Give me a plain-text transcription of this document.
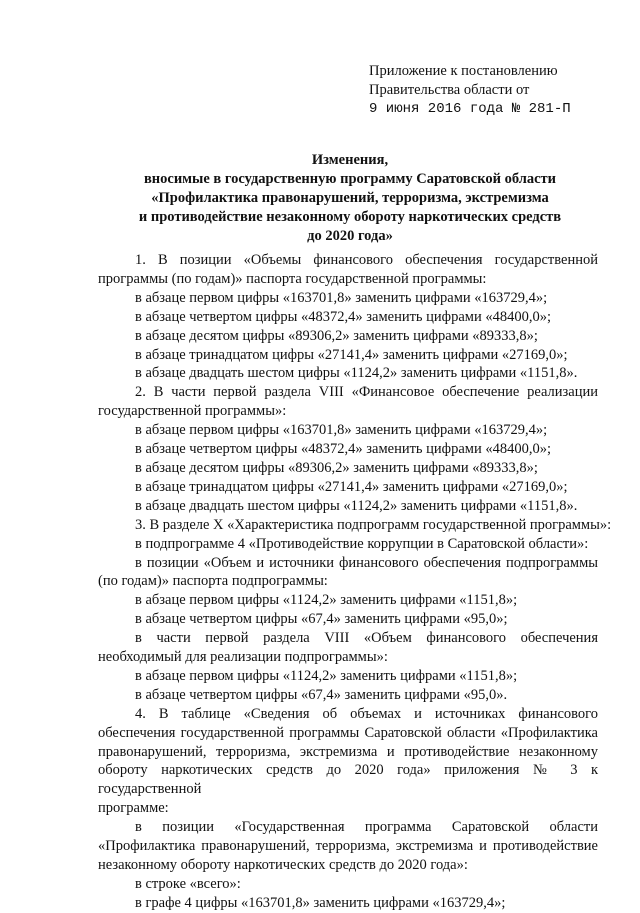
Приложение к постановлению
Правительства области от
9 июня 2016 года № 281-П
Изменения,
вносимые в государственную программу Саратовской области
«Профилактика правонарушений, терроризма, экстремизма
и противодействие незаконному обороту наркотических средств
до 2020 года»
1. В позиции «Объемы финансового обеспечения государственной
программы (по годам)» паспорта государственной программы:
в абзаце первом цифры «163701,8» заменить цифрами «163729,4»;
в абзаце четвертом цифры «48372,4» заменить цифрами «48400,0»;
в абзаце десятом цифры «89306,2» заменить цифрами «89333,8»;
в абзаце тринадцатом цифры «27141,4» заменить цифрами «27169,0»;
в абзаце двадцать шестом цифры «1124,2» заменить цифрами «1151,8».
2. В части первой раздела VIII «Финансовое обеспечение реализации
государственной программы»:
в абзаце первом цифры «163701,8» заменить цифрами «163729,4»;
в абзаце четвертом цифры «48372,4» заменить цифрами «48400,0»;
в абзаце десятом цифры «89306,2» заменить цифрами «89333,8»;
в абзаце тринадцатом цифры «27141,4» заменить цифрами «27169,0»;
в абзаце двадцать шестом цифры «1124,2» заменить цифрами «1151,8».
3. В разделе X «Характеристика подпрограмм государственной программы»:
в подпрограмме 4 «Противодействие коррупции в Саратовской области»:
в позиции «Объем и источники финансового обеспечения подпрограммы
(по годам)» паспорта подпрограммы:
в абзаце первом цифры «1124,2» заменить цифрами «1151,8»;
в абзаце четвертом цифры «67,4» заменить цифрами «95,0»;
в части первой раздела VIII «Объем финансового обеспечения
необходимый для реализации подпрограммы»:
в абзаце первом цифры «1124,2» заменить цифрами «1151,8»;
в абзаце четвертом цифры «67,4» заменить цифрами «95,0».
4. В таблице «Сведения об объемах и источниках финансового
обеспечения государственной программы Саратовской области «Профилактика
правонарушений, терроризма, экстремизма и противодействие незаконному
обороту наркотических средств до 2020 года» приложения № 3 к государственной
программе:
в позиции «Государственная программа Саратовской области
«Профилактика правонарушений, терроризма, экстремизма и противодействие
незаконному обороту наркотических средств до 2020 года»:
в строке «всего»:
в графе 4 цифры «163701,8» заменить цифрами «163729,4»;
